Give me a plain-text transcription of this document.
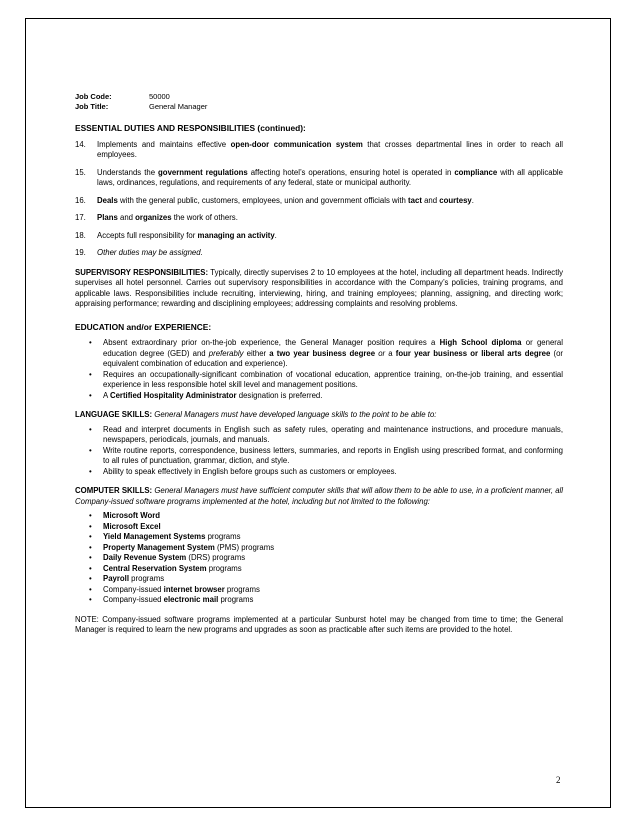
Job Code:	50000
Job Title:	General Manager
ESSENTIAL DUTIES AND RESPONSIBILITIES (continued):
14.	Implements and maintains effective open-door communication system that crosses departmental lines in order to reach all employees.
15.	Understands the government regulations affecting hotel’s operations, ensuring hotel is operated in compliance with all applicable laws, ordinances, regulations, and requirements of any federal, state or municipal authority.
16.	Deals with the general public, customers, employees, union and government officials with tact and courtesy.
17.	Plans and organizes the work of others.
18.	Accepts full responsibility for managing an activity.
19.	Other duties may be assigned.
SUPERVISORY RESPONSIBILITIES: Typically, directly supervises 2 to 10 employees at the hotel, including all department heads. Indirectly supervises all hotel personnel. Carries out supervisory responsibilities in accordance with the Company’s policies, training programs, and applicable laws. Responsibilities include recruiting, interviewing, hiring, and training employees; planning, assigning, and directing work; appraising performance; rewarding and disciplining employees; addressing complaints and resolving problems.
EDUCATION and/or EXPERIENCE:
•	Absent extraordinary prior on-the-job experience, the General Manager position requires a High School diploma or general education degree (GED) and preferably either a two year business degree or a four year business or liberal arts degree (or equivalent combination of education and experience).
•	Requires an occupationally-significant combination of vocational education, apprentice training, on-the-job training, and essential experience in less responsible hotel skill level and management positions.
•	A Certified Hospitality Administrator designation is preferred.
LANGUAGE SKILLS: General Managers must have developed language skills to the point to be able to:
•	Read and interpret documents in English such as safety rules, operating and maintenance instructions, and procedure manuals, newspapers, periodicals, journals, and manuals.
•	Write routine reports, correspondence, business letters, summaries, and reports in English using prescribed format, and conforming to all rules of punctuation, grammar, diction, and style.
•	Ability to speak effectively in English before groups such as customers or employees.
COMPUTER SKILLS: General Managers must have sufficient computer skills that will allow them to be able to use, in a proficient manner, all Company-issued software programs implemented at the hotel, including but not limited to the following:
•	Microsoft Word
•	Microsoft Excel
•	Yield Management Systems programs
•	Property Management System (PMS) programs
•	Daily Revenue System (DRS) programs
•	Central Reservation System programs
•	Payroll programs
•	Company-issued internet browser programs
•	Company-issued electronic mail programs
NOTE: Company-issued software programs implemented at a particular Sunburst hotel may be changed from time to time; the General Manager is required to learn the new programs and upgrades as soon as practicable after such items are provided to the hotel.
2
